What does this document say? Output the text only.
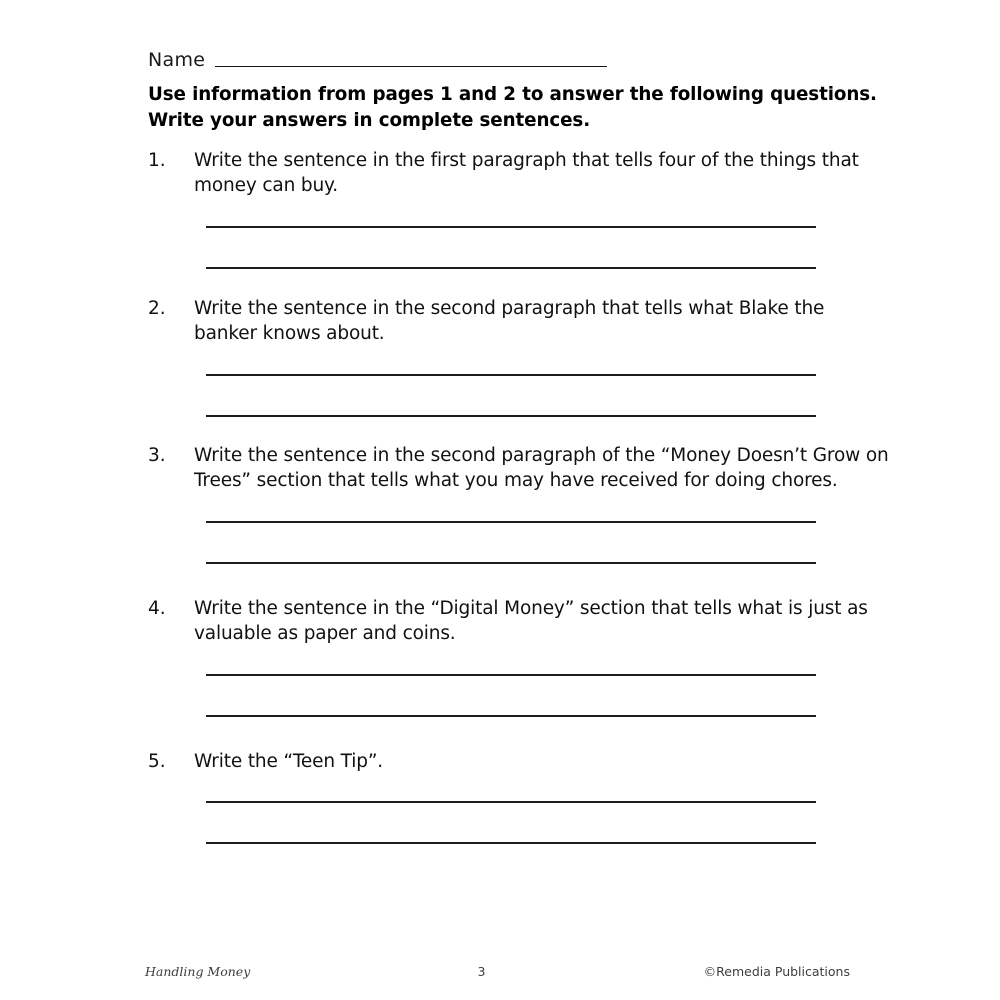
Name
Use information from pages 1 and 2 to answer the following questions.
Write your answers in complete sentences.
1.	Write the sentence in the first paragraph that tells four of the things that
money can buy.
2.	Write the sentence in the second paragraph that tells what Blake the
banker knows about.
3.	Write the sentence in the second paragraph of the “Money Doesn’t Grow on
Trees” section that tells what you may have received for doing chores.
4.	Write the sentence in the “Digital Money” section that tells what is just as
valuable as paper and coins.
5.	Write the “Teen Tip”.
Handling Money	3	©Remedia Publications
